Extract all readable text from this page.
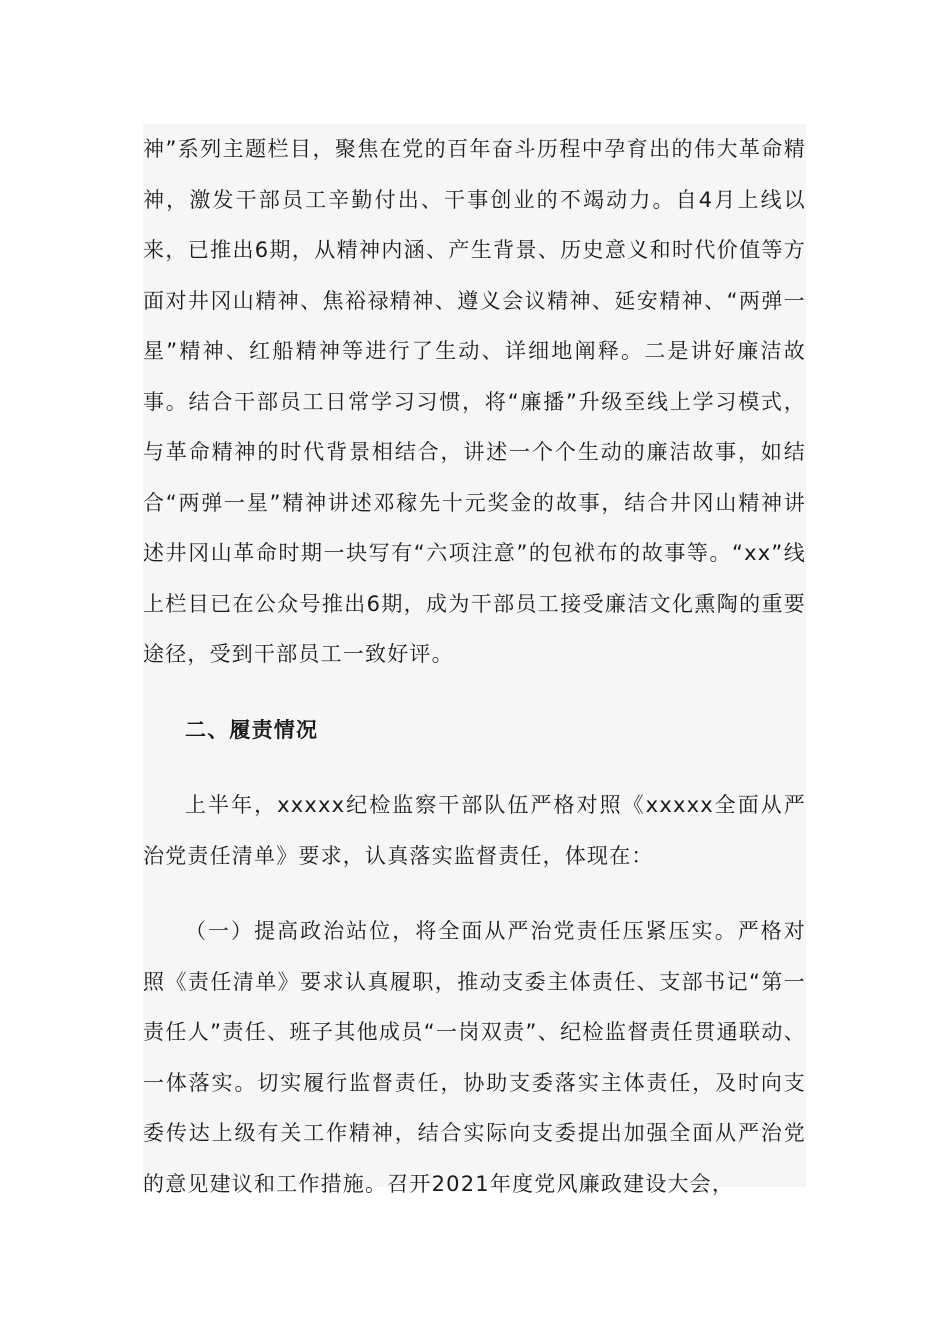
神”系列主题栏目，聚焦在党的百年奋斗历程中孕育出的伟大革命精神，激发干部员工辛勤付出、干事创业的不竭动力。自4月上线以来，已推出6期，从精神内涵、产生背景、历史意义和时代价值等方面对井冈山精神、焦裕禄精神、遵义会议精神、延安精神、“两弹一星”精神、红船精神等进行了生动、详细地阐释。二是讲好廉洁故事。结合干部员工日常学习习惯，将“廉播”升级至线上学习模式，与革命精神的时代背景相结合，讲述一个个生动的廉洁故事，如结合“两弹一星”精神讲述邓稼先十元奖金的故事，结合井冈山精神讲述井冈山革命时期一块写有“六项注意”的包袱布的故事等。“xx”线上栏目已在公众号推出6期，成为干部员工接受廉洁文化熏陶的重要途径，受到干部员工一致好评。

二、履责情况

上半年，xxxxx纪检监察干部队伍严格对照《xxxxx全面从严治党责任清单》要求，认真落实监督责任，体现在：

（一）提高政治站位，将全面从严治党责任压紧压实。严格对照《责任清单》要求认真履职，推动支委主体责任、支部书记“第一责任人”责任、班子其他成员“一岗双责”、纪检监督责任贯通联动、一体落实。切实履行监督责任，协助支委落实主体责任，及时向支委传达上级有关工作精神，结合实际向支委提出加强全面从严治党的意见建议和工作措施。召开2021年度党风廉政建设大会，
